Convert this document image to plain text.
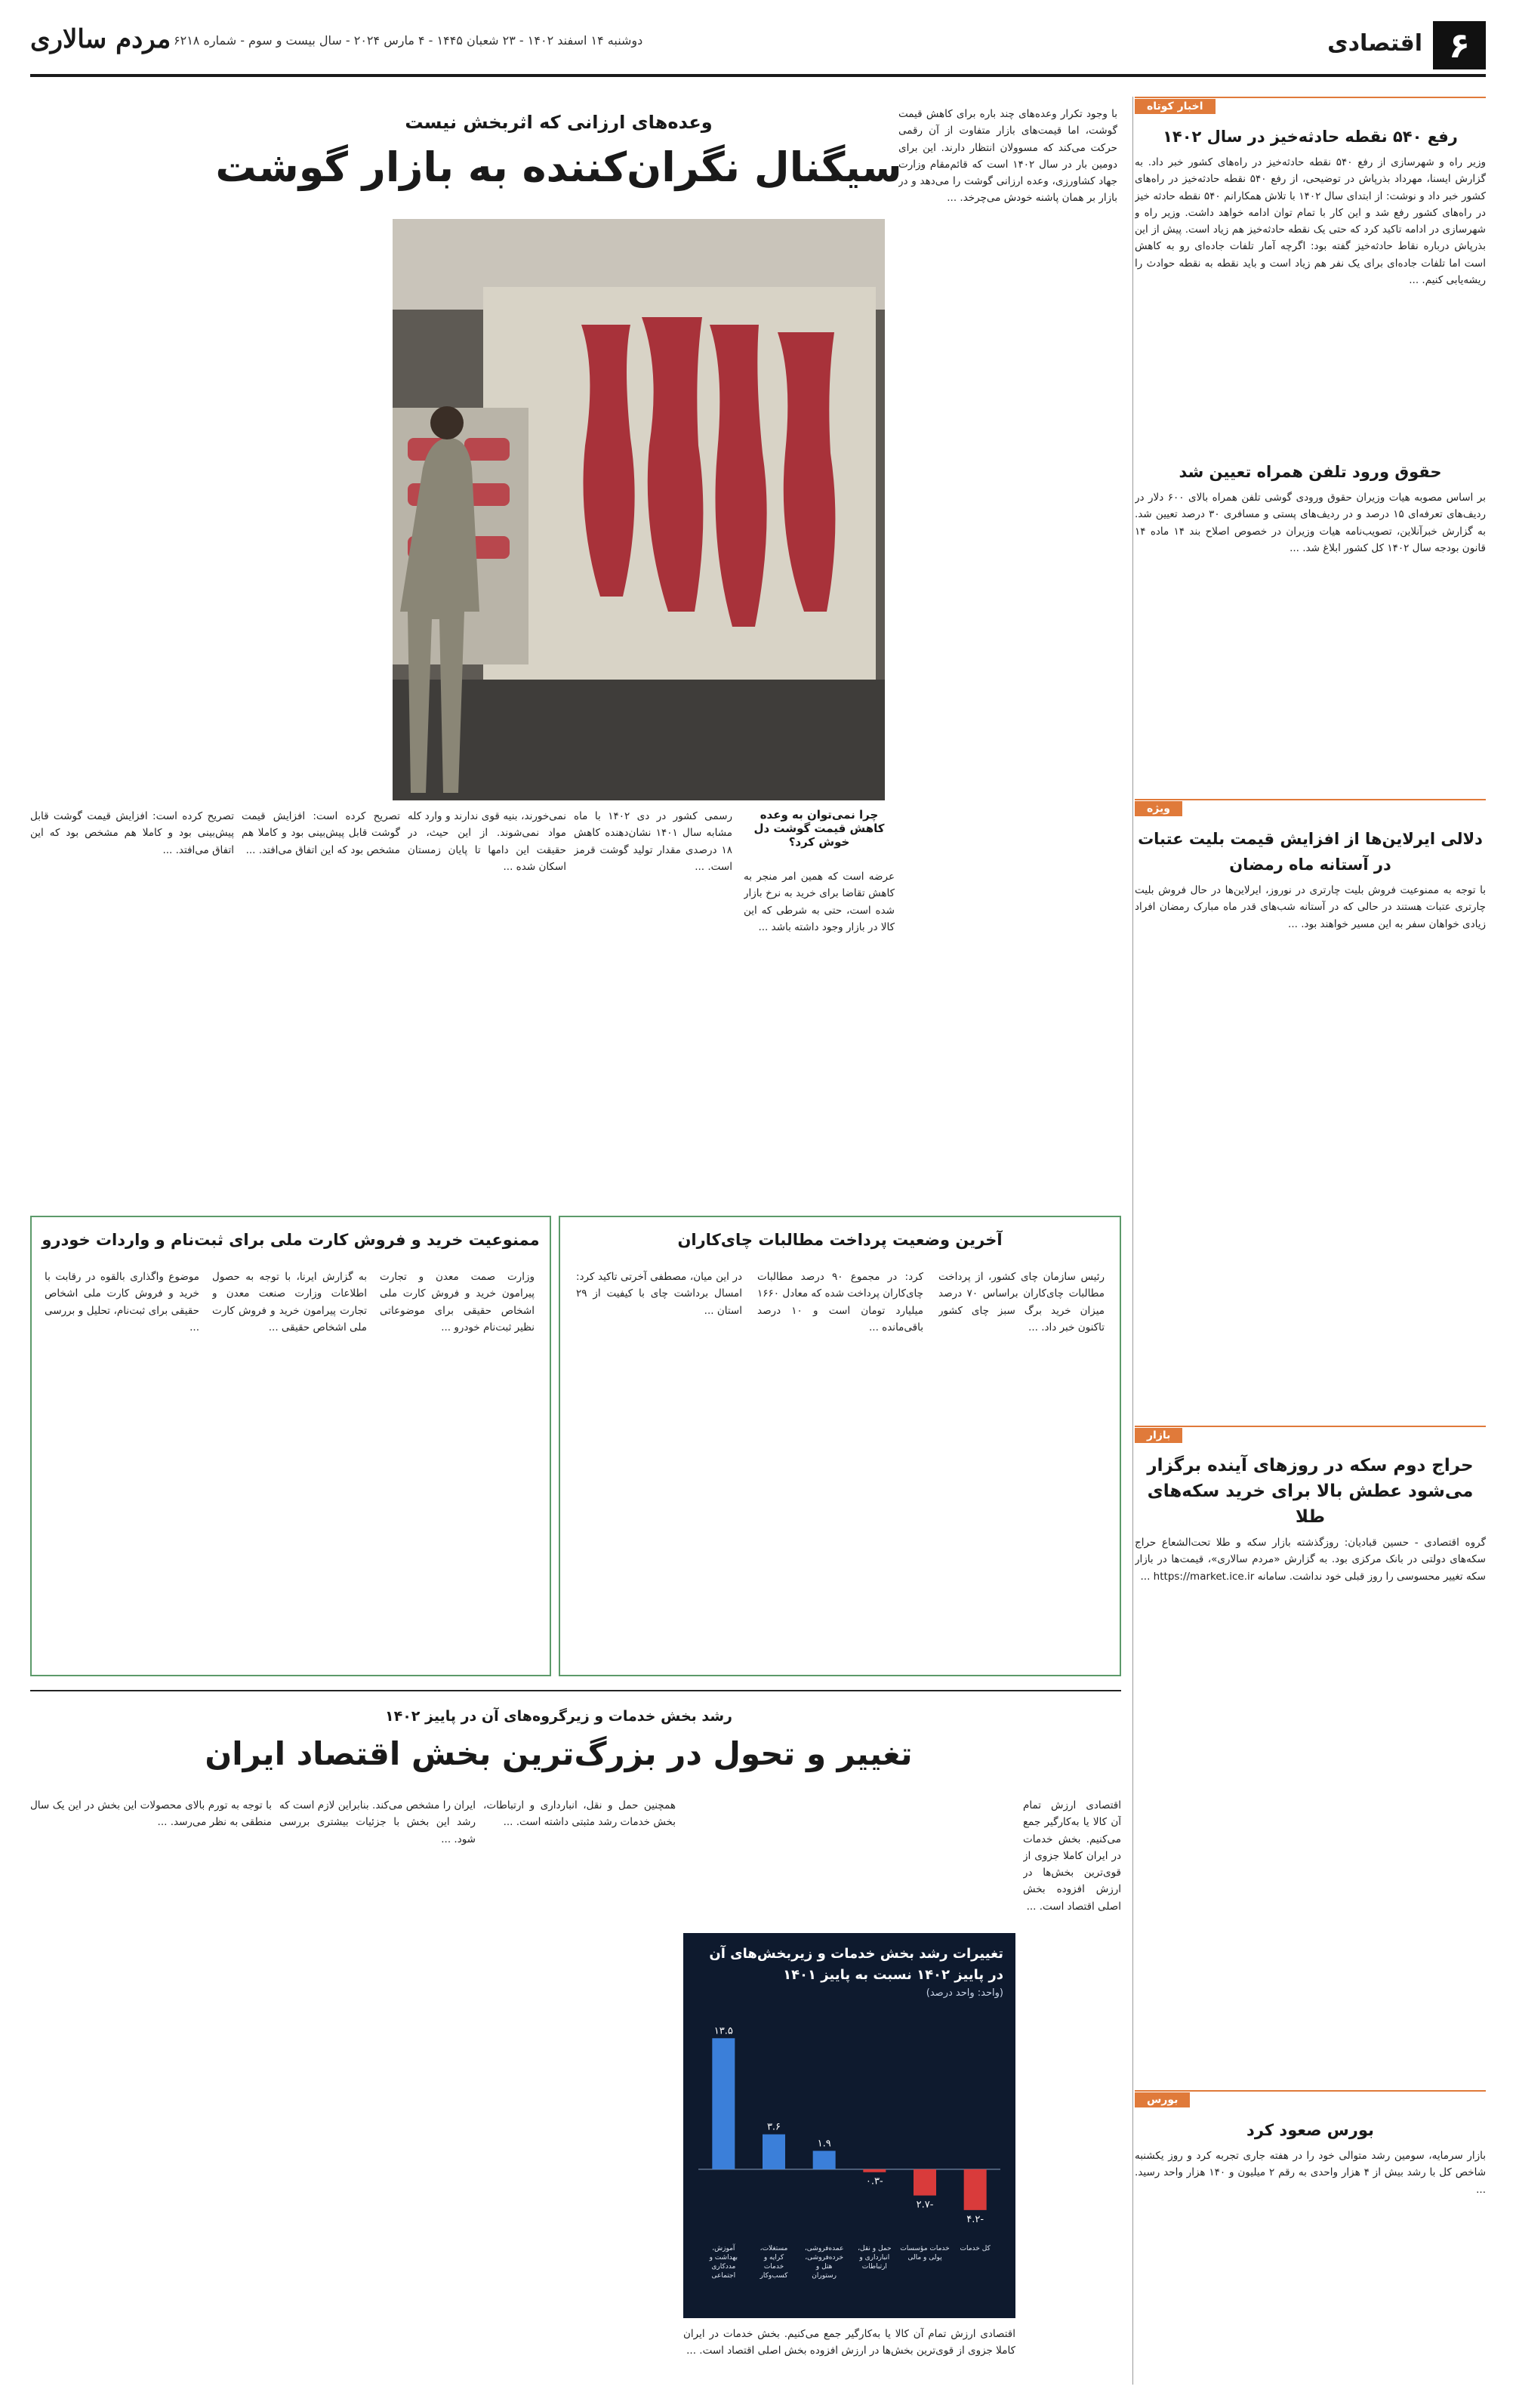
۶
اقتصادی
مردم سالاری دوشنبه ۱۴ اسفند ۱۴۰۲ - ۲۳ شعبان ۱۴۴۵ - ۴ مارس ۲۰۲۴ - سال بیست و سوم - شماره ۶۲۱۸
اخبار کوتاه
رفع ۵۴۰ نقطه حادثه‌خیز در سال ۱۴۰۲
وزیر راه و شهرسازی از رفع ۵۴۰ نقطه حادثه‌خیز در راه‌های کشور خبر داد. به گزارش ایسنا، مهرداد بذرپاش در توضیحی، از رفع ۵۴۰ نقطه حادثه‌خیز در راه‌های کشور خبر داد و نوشت: از ابتدای سال ۱۴۰۲ با تلاش همکارانم ۵۴۰ نقطه حادثه خیز در راه‌های کشور رفع شد و این کار با تمام توان ادامه خواهد داشت. وزیر راه و شهرسازی در ادامه تاکید کرد که حتی یک نقطه حادثه‌خیز هم زیاد است. پیش از این بذرپاش درباره نقاط حادثه‌خیز گفته بود: اگرچه آمار تلفات جاده‌ای رو به کاهش است اما تلفات جاده‌ای برای یک نفر هم زیاد است و باید نقطه به نقطه حوادث را ریشه‌یابی کنیم. ...
حقوق ورود تلفن همراه تعیین شد
بر اساس مصوبه هیات وزیران حقوق ورودی گوشی تلفن همراه بالای ۶۰۰ دلار در ردیف‌های تعرفه‌ای ۱۵ درصد و در ردیف‌های پستی و مسافری ۳۰ درصد تعیین شد. به گزارش خبرآنلاین، تصویب‌نامه هیات وزیران در خصوص اصلاح بند ۱۴ ماده ۱۴ قانون بودجه سال ۱۴۰۲ کل کشور ابلاغ شد. ...
ویژه
دلالی ایرلاین‌ها از افزایش قیمت بلیت عتبات در آستانه ماه رمضان
با توجه به ممنوعیت فروش بلیت چارتری در نوروز، ایرلاین‌ها در حال فروش بلیت چارتری عتبات هستند در حالی که در آستانه شب‌های قدر ماه مبارک رمضان افراد زیادی خواهان سفر به این مسیر خواهند بود. ...
بازار
حراج دوم سکه در روزهای آینده برگزار می‌شود عطش بالا برای خرید سکه‌های طلا
گروه اقتصادی - حسین قبادیان: روزگذشته بازار سکه و طلا تحت‌الشعاع حراج سکه‌های دولتی در بانک مرکزی بود. به گزارش «مردم سالاری»، قیمت‌ها در بازار سکه تغییر محسوسی را روز قبلی خود نداشت. سامانه https://market.ice.ir ...
بورس
بورس صعود کرد
بازار سرمایه، سومین رشد متوالی خود را در هفته جاری تجربه کرد و روز یکشنبه شاخص کل با رشد بیش از ۴ هزار واحدی به رقم ۲ میلیون و ۱۴۰ هزار واحد رسید. ...
وعده‌های ارزانی که اثربخش نیست
سیگنال نگران‌کننده به بازار گوشت
با وجود تکرار وعده‌های چند باره برای کاهش قیمت گوشت، اما قیمت‌های بازار متفاوت از آن رقمی حرکت می‌کند که مسوولان انتظار دارند. این برای دومین بار در سال ۱۴۰۲ است که قائم‌مقام وزارت جهاد کشاورزی، وعده ارزانی گوشت را می‌دهد و در بازار بر همان پاشنه خودش می‌چرخد. ...
چرا نمی‌توان به وعده کاهش قیمت گوشت دل خوش کرد؟
عرضه است که همین امر منجر به کاهش تقاضا برای خرید به نرخ بازار شده است، حتی به شرطی که این کالا در بازار وجود داشته باشد ...
رسمی کشور در دی ۱۴۰۲ با ماه مشابه سال ۱۴۰۱ نشان‌دهنده کاهش ۱۸ درصدی مقدار تولید گوشت قرمز است. ...
نمی‌خورند، بنیه قوی ندارند و وارد کله مواد نمی‌شوند. از این حیث، در حقیقت این دامها تا پایان زمستان اسکان شده ...
تصریح کرده است: افزایش قیمت گوشت قابل پیش‌بینی بود و کاملا هم مشخص بود که این اتفاق می‌افتد. ...
تصریح کرده است: افزایش قیمت گوشت قابل پیش‌بینی بود و کاملا هم مشخص بود که این اتفاق می‌افتد. ...
آخرین وضعیت پرداخت مطالبات چای‌کاران
رئیس سازمان چای کشور، از پرداخت مطالبات چای‌کاران براساس ۷۰ درصد میزان خرید برگ سبز چای کشور تاکنون خبر داد. ...
کرد: در مجموع ۹۰ درصد مطالبات چای‌کاران پرداخت شده که معادل ۱۶۶۰ میلیارد تومان است و ۱۰ درصد باقی‌مانده ...
در این میان، مصطفی آخرتی تاکید کرد: امسال برداشت چای با کیفیت از ۲۹ استان ...
ممنوعیت خرید و فروش کارت ملی برای ثبت‌نام و واردات خودرو
وزارت صمت معدن و تجارت پیرامون خرید و فروش کارت ملی اشخاص حقیقی برای موضوعاتی نظیر ثبت‌نام خودرو ...
به گزارش ایرنا، با توجه به حصول اطلاعات وزارت صنعت معدن و تجارت پیرامون خرید و فروش کارت ملی اشخاص حقیقی ...
موضوع واگذاری بالقوه در رقابت با خرید و فروش کارت ملی اشخاص حقیقی برای ثبت‌نام، تحلیل و بررسی ...
رشد بخش خدمات و زیرگروه‌های آن در پاییز ۱۴۰۲
تغییر و تحول در بزرگ‌ترین بخش اقتصاد ایران
تغییرات رشد بخش خدمات و زیربخش‌های آن در پاییز ۱۴۰۲ نسبت به پاییز ۱۴۰۱
(واحد: واحد درصد)
۱۳.۵
آموزش، بهداشت و مددکاری اجتماعی
۳.۶
مستغلات، کرایه و خدمات کسب‌وکار
۱.۹
عمده‌فروشی، خرده‌فروشی، هتل و رستوران
-۰.۳
حمل و نقل، انبارداری و ارتباطات
-۲.۷
خدمات مؤسسات پولی و مالی
-۴.۲
کل خدمات
اقتصادی ارزش تمام آن کالا یا به‌کارگیر جمع می‌کنیم. بخش خدمات در ایران کاملا جزوی از قوی‌ترین بخش‌ها در ارزش افزوده بخش اصلی اقتصاد است. ...
اقتصادی ارزش تمام آن کالا یا به‌کارگیر جمع می‌کنیم. بخش خدمات در ایران کاملا جزوی از قوی‌ترین بخش‌ها در ارزش افزوده بخش اصلی اقتصاد است. ...
همچنین حمل و نقل، انبارداری و ارتباطات، بخش خدمات رشد مثبتی داشته است. ...
ایران را مشخص می‌کند. بنابراین لازم است که رشد این بخش با جزئیات بیشتری بررسی شود. ...
با توجه به تورم بالای محصولات این بخش در این یک سال منطقی به نظر می‌رسد. ...
